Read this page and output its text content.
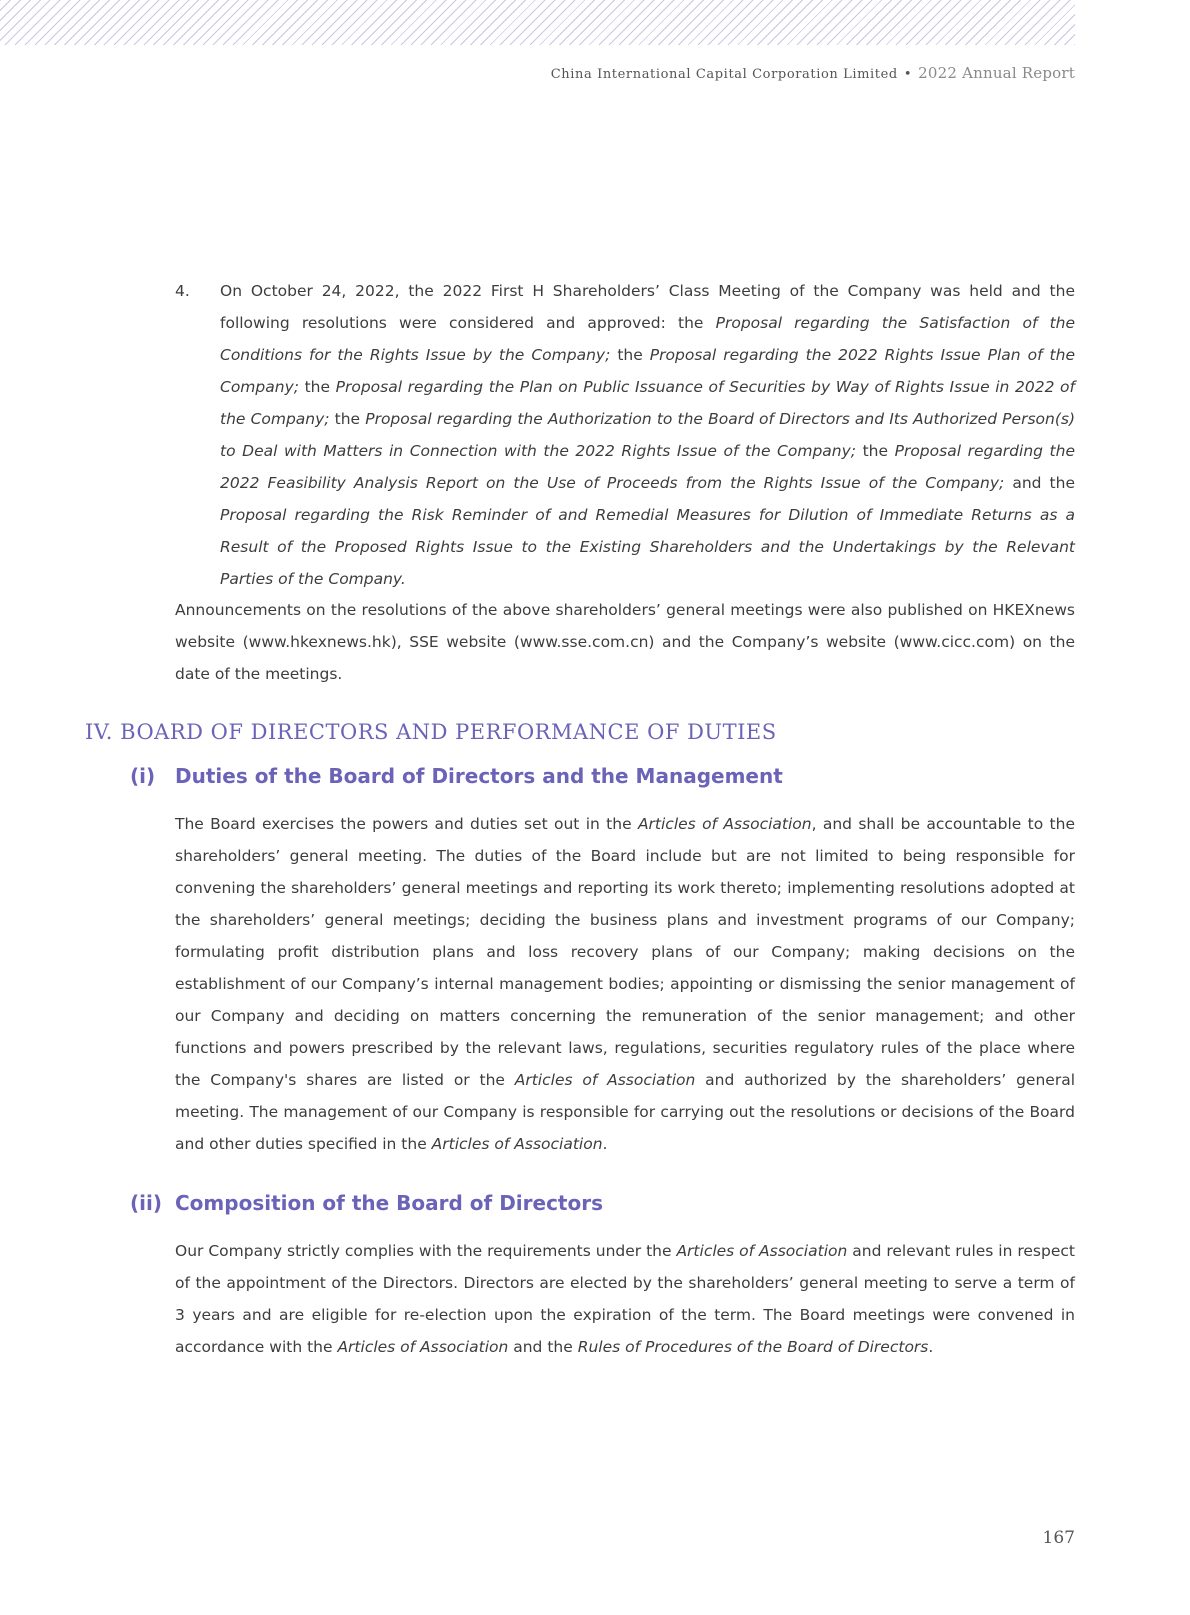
China International Capital Corporation Limited • 2022 Annual Report
4. On October 24, 2022, the 2022 First H Shareholders’ Class Meeting of the Company was held and the following resolutions were considered and approved: the Proposal regarding the Satisfaction of the Conditions for the Rights Issue by the Company; the Proposal regarding the 2022 Rights Issue Plan of the Company; the Proposal regarding the Plan on Public Issuance of Securities by Way of Rights Issue in 2022 of the Company; the Proposal regarding the Authorization to the Board of Directors and Its Authorized Person(s) to Deal with Matters in Connection with the 2022 Rights Issue of the Company; the Proposal regarding the 2022 Feasibility Analysis Report on the Use of Proceeds from the Rights Issue of the Company; and the Proposal regarding the Risk Reminder of and Remedial Measures for Dilution of Immediate Returns as a Result of the Proposed Rights Issue to the Existing Shareholders and the Undertakings by the Relevant Parties of the Company.

Announcements on the resolutions of the above shareholders’ general meetings were also published on HKEXnews website (www.hkexnews.hk), SSE website (www.sse.com.cn) and the Company’s website (www.cicc.com) on the date of the meetings.

IV. BOARD OF DIRECTORS AND PERFORMANCE OF DUTIES
(i) Duties of the Board of Directors and the Management

The Board exercises the powers and duties set out in the Articles of Association, and shall be accountable to the shareholders’ general meeting. The duties of the Board include but are not limited to being responsible for convening the shareholders’ general meetings and reporting its work thereto; implementing resolutions adopted at the shareholders’ general meetings; deciding the business plans and investment programs of our Company; formulating profit distribution plans and loss recovery plans of our Company; making decisions on the establishment of our Company’s internal management bodies; appointing or dismissing the senior management of our Company and deciding on matters concerning the remuneration of the senior management; and other functions and powers prescribed by the relevant laws, regulations, securities regulatory rules of the place where the Company's shares are listed or the Articles of Association and authorized by the shareholders’ general meeting. The management of our Company is responsible for carrying out the resolutions or decisions of the Board and other duties specified in the Articles of Association.

(ii) Composition of the Board of Directors

Our Company strictly complies with the requirements under the Articles of Association and relevant rules in respect of the appointment of the Directors. Directors are elected by the shareholders’ general meeting to serve a term of 3 years and are eligible for re-election upon the expiration of the term. The Board meetings were convened in accordance with the Articles of Association and the Rules of Procedures of the Board of Directors.

167
